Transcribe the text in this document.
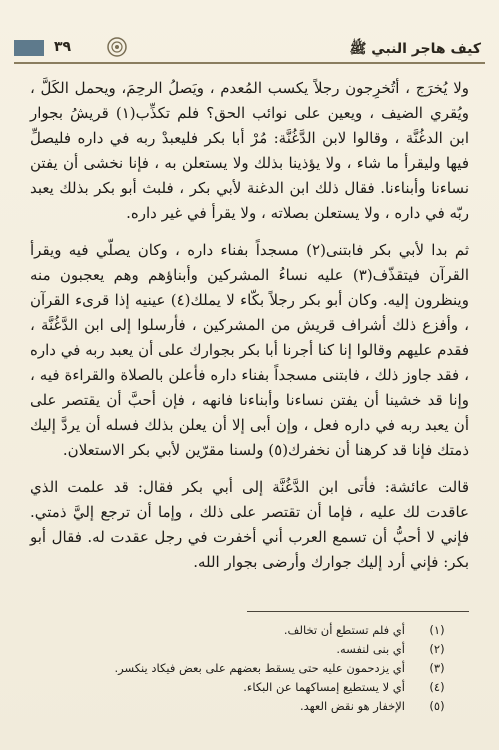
٣٩	كيف هاجر النبي ﷺ

ولا يُخرَج ، أتُخرِجون رجلاً يكسب المُعدم ، ويَصلُ الرحِمَ، ويحمل الكَلَّ ، ويُقري الضيف ، ويعين على نوائب الحق؟ فلم تكذِّب(١) قريشُ بجوار ابن الدغُنَّة ، وقالوا لابن الدَّغُنَّة: مُرْ أبا بكر فليعبدْ ربه في داره فليصلِّ فيها وليقرأ ما شاء ، ولا يؤذينا بذلك ولا يستعلن به ، فإنا نخشى أن يفتن نساءنا وأبناءنا. فقال ذلك ابن الدغنة لأبي بكر ، فلبث أبو بكر بذلك يعبد ربّه في داره ، ولا يستعلن بصلاته ، ولا يقرأ في غير داره.

ثم بدا لأبي بكر فابتنى(٢) مسجداً بفناء داره ، وكان يصلّي فيه ويقرأ القرآن فيتقذّف(٣) عليه نساءُ المشركين وأبناؤهم وهم يعجبون منه وينظرون إليه. وكان أبو بكر رجلاً بكّاء لا يملك(٤) عينيه إذا قرىء القرآن ، وأفزع ذلك أشراف قريش من المشركين ، فأرسلوا إلى ابن الدَّغُنَّة ، فقدم عليهم وقالوا إنا كنا أجرنا أبا بكر بجوارك على أن يعبد ربه في داره ، فقد جاوز ذلك ، فابتنى مسجداً بفناء داره فأعلن بالصلاة والقراءة فيه ، وإنا قد خشينا أن يفتن نساءنا وأبناءنا فانهه ، فإن أحبَّ أن يقتصر على أن يعبد ربه في داره فعل ، وإن أبى إلا أن يعلن بذلك فسله أن يردَّ إليك ذمتك فإنا قد كرهنا أن نخفرك(٥) ولسنا مقرّين لأبي بكر الاستعلان.

قالت عائشة: فأتى ابن الدَّغُنَّة إلى أبي بكر فقال: قد علمت الذي عاقدت لك عليه ، فإما أن تقتصر على ذلك ، وإما أن ترجع إليَّ ذمتي. فإني لا أحبُّ أن تسمع العرب أني أخفرت في رجل عقدت له. فقال أبو بكر: فإني أرد إليك جوارك وأرضى بجوار الله.

(١)
أي فلم تستطع أن تخالف.
(٢)
أي بنى لنفسه.
(٣)
أي يزدحمون عليه حتى يسقط بعضهم على بعض فيكاد ينكسر.
(٤)
أي لا يستطيع إمساكهما عن البكاء.
(٥)
الإخفار هو نقض العهد.
